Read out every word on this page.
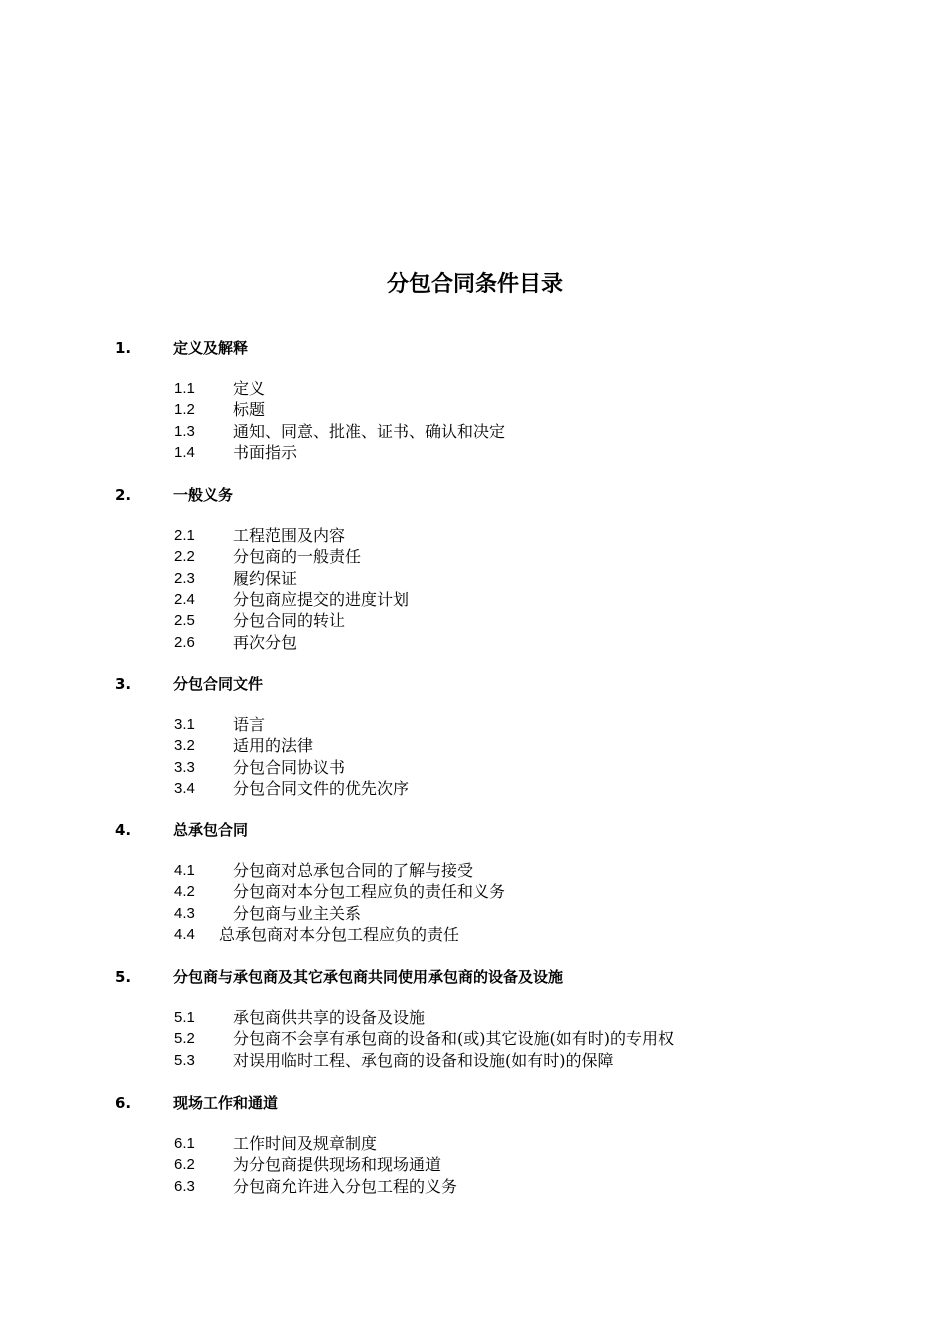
分包合同条件目录
1.	定义及解释
1.1 定义
1.2 标题
1.3 通知、同意、批准、证书、确认和决定
1.4 书面指示
2.	一般义务
2.1 工程范围及内容
2.2 分包商的一般责任
2.3 履约保证
2.4 分包商应提交的进度计划
2.5 分包合同的转让
2.6 再次分包
3.	分包合同文件
3.1 语言
3.2 适用的法律
3.3 分包合同协议书
3.4 分包合同文件的优先次序
4.	总承包合同
4.1 分包商对总承包合同的了解与接受
4.2 分包商对本分包工程应负的责任和义务
4.3 分包商与业主关系
4.4 总承包商对本分包工程应负的责任
5.	分包商与承包商及其它承包商共同使用承包商的设备及设施
5.1 承包商供共享的设备及设施
5.2 分包商不会享有承包商的设备和(或)其它设施(如有时)的专用权
5.3 对误用临时工程、承包商的设备和设施(如有时)的保障
6.	现场工作和通道
6.1 工作时间及规章制度
6.2 为分包商提供现场和现场通道
6.3 分包商允许进入分包工程的义务
